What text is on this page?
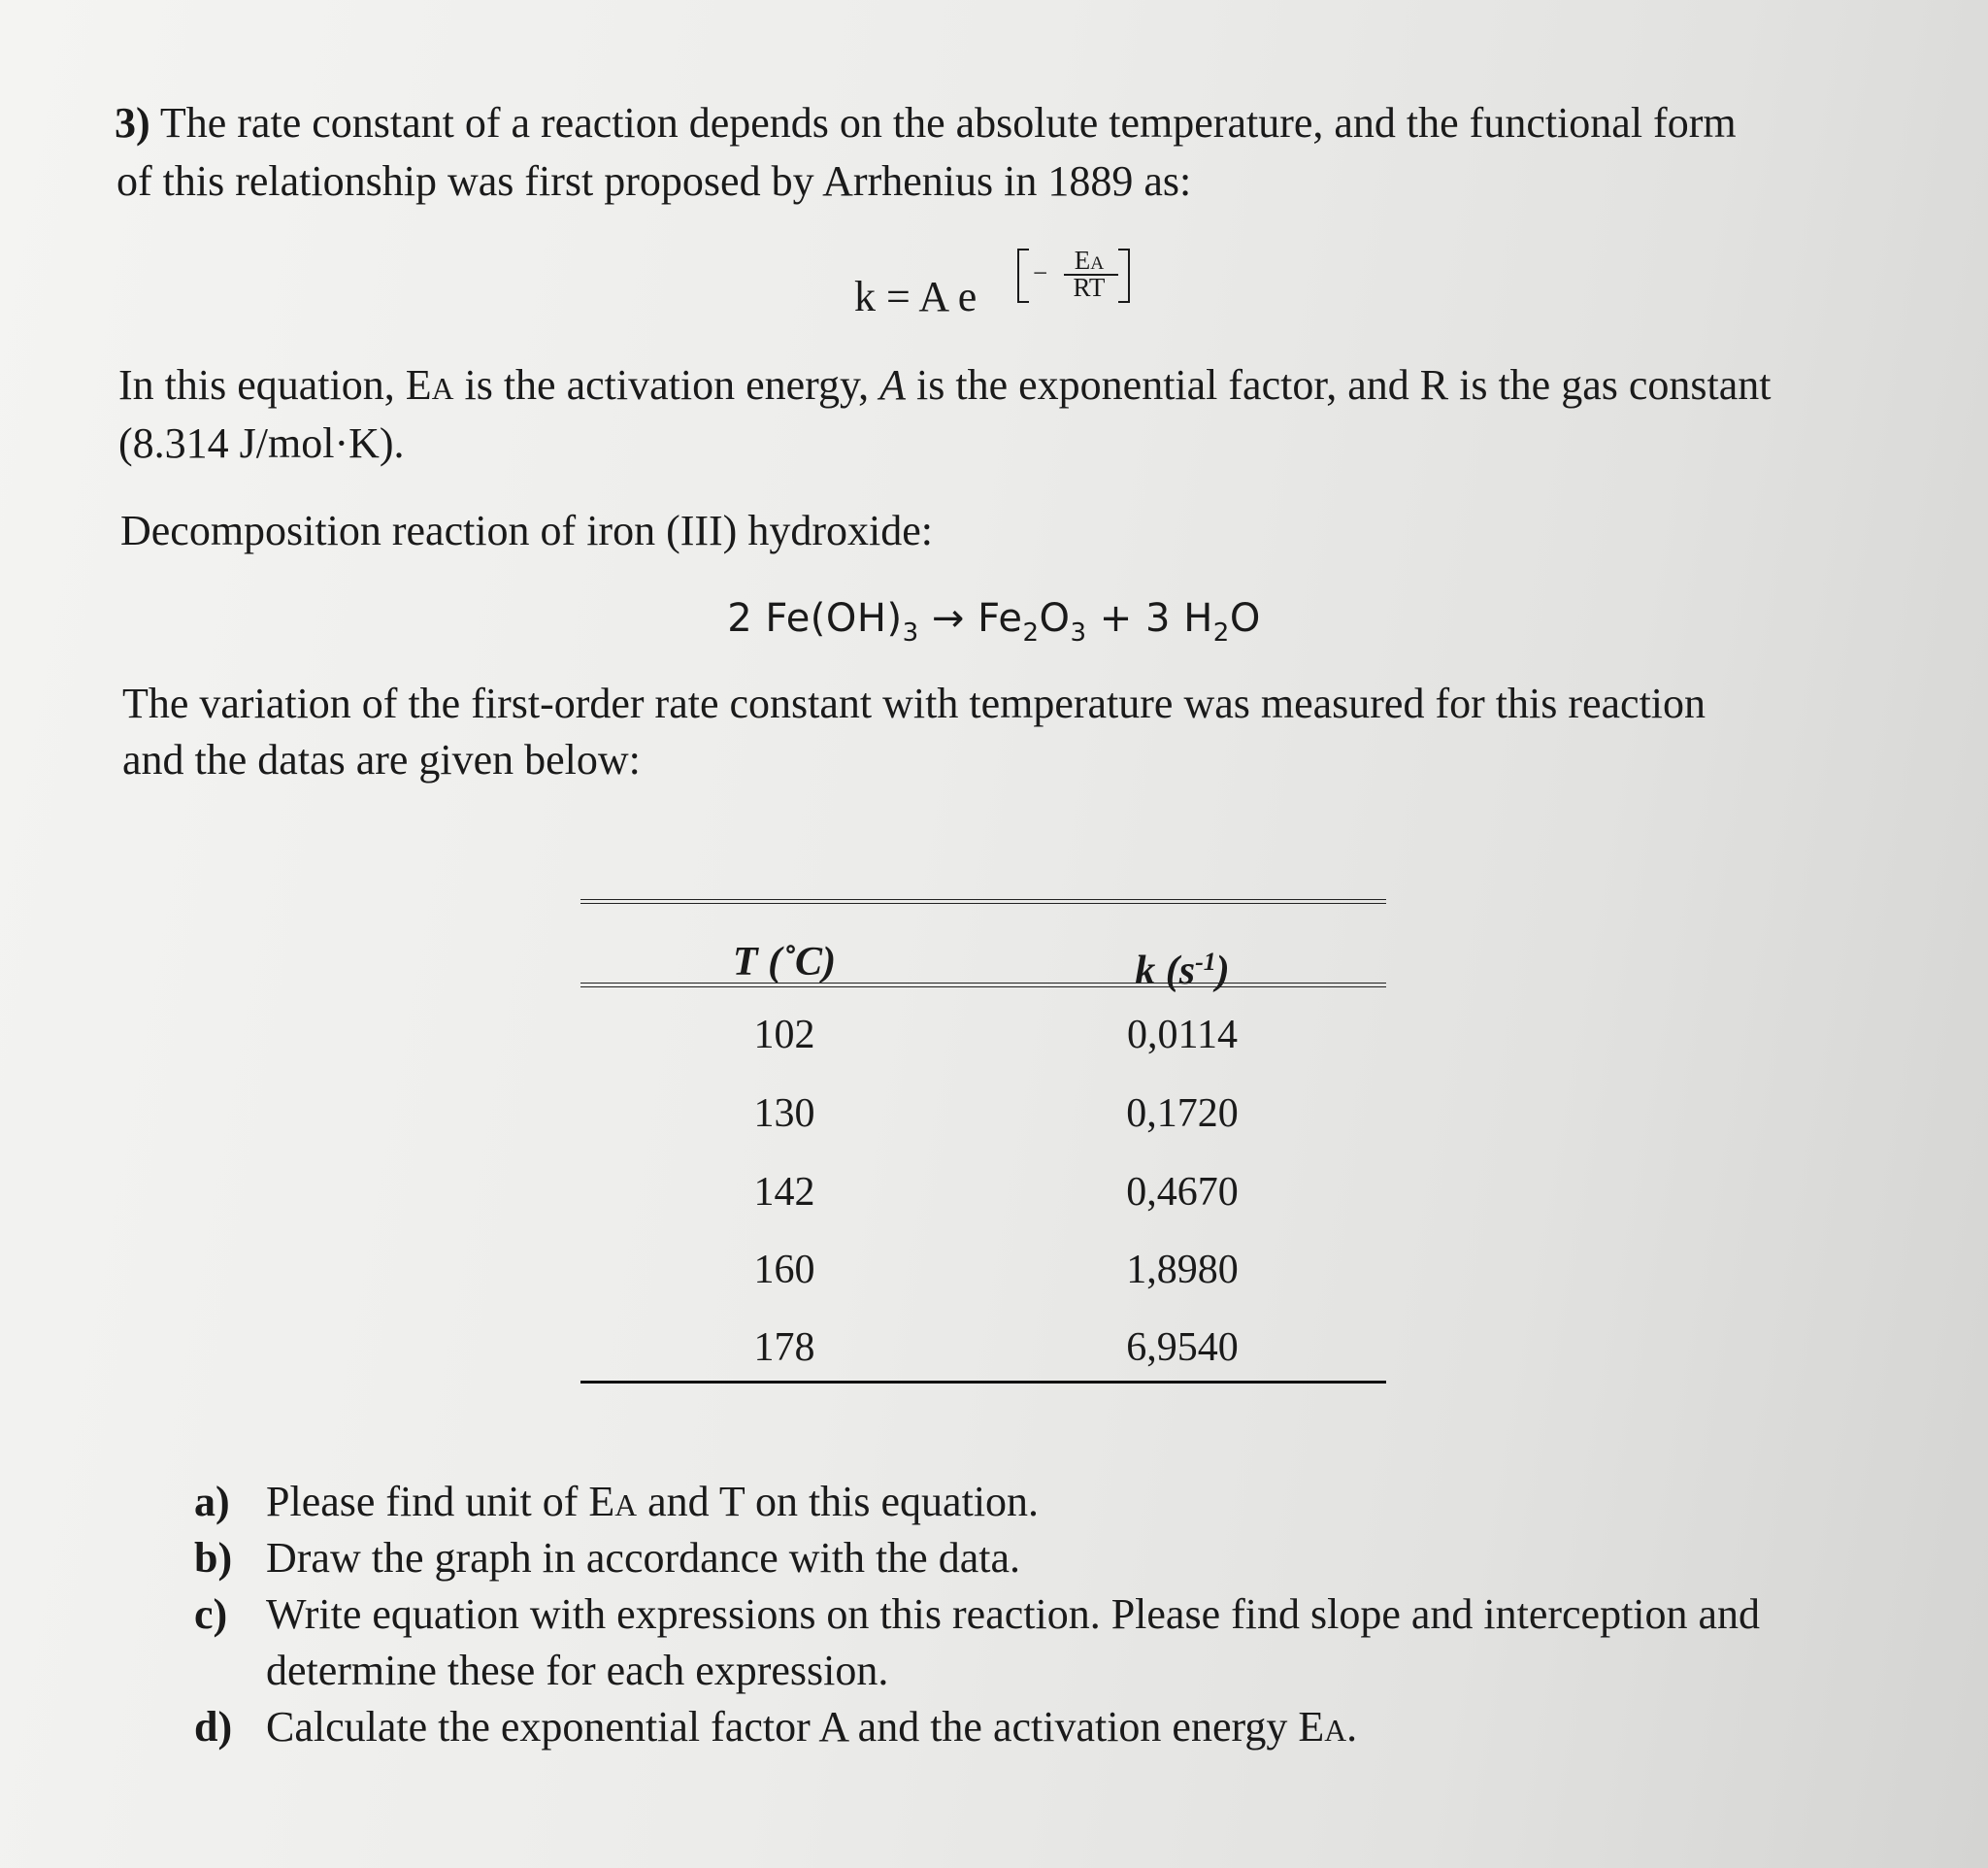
3) The rate constant of a reaction depends on the absolute temperature, and the functional form
of this relationship was first proposed by Arrhenius in 1889 as:
k = A e −	EA
RT
In this equation, EA is the activation energy, A is the exponential factor, and R is the gas constant
(8.314 J/mol·K).
Decomposition reaction of iron (III) hydroxide:
2 $Fe(OH)_3 \to Fe_2O_3 + 3$ $H_2O$
The variation of the first-order rate constant with temperature was measured for this reaction
and the datas are given below:
T (˚C)	k $(s^{-1})$
102	0,0114
130	0,1720
142	0,4670
160	1,8980
178	6,9540
a) Please find unit of EA and T on this equation.
b) Draw the graph in accordance with the data.
c) Write equation with expressions on this reaction. Please find slope and interception and
determine these for each expression.
d) Calculate the exponential factor A and the activation energy EA.
